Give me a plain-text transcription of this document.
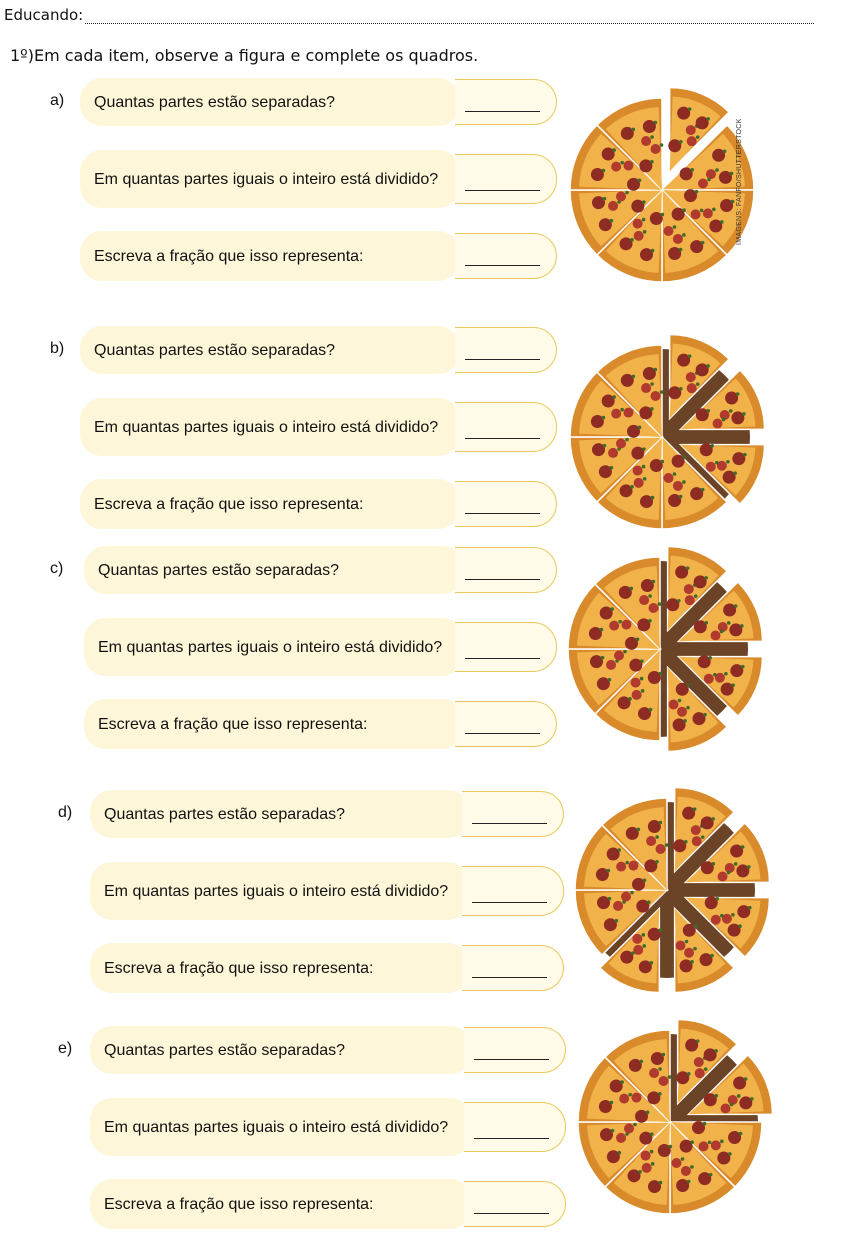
Educando:
1º)Em cada item, observe a figura e complete os quadros.
a) Quantas partes estão separadas?
Em quantas partes iguais o inteiro está dividido?
Escreva a fração que isso representa:
b) Quantas partes estão separadas?
Em quantas partes iguais o inteiro está dividido?
Escreva a fração que isso representa:
c) Quantas partes estão separadas?
Em quantas partes iguais o inteiro está dividido?
Escreva a fração que isso representa:
d) Quantas partes estão separadas?
Em quantas partes iguais o inteiro está dividido?
Escreva a fração que isso representa:
e) Quantas partes estão separadas?
Em quantas partes iguais o inteiro está dividido?
Escreva a fração que isso representa:
IMAGENS: FANFO/SHUTTERSTOCK
